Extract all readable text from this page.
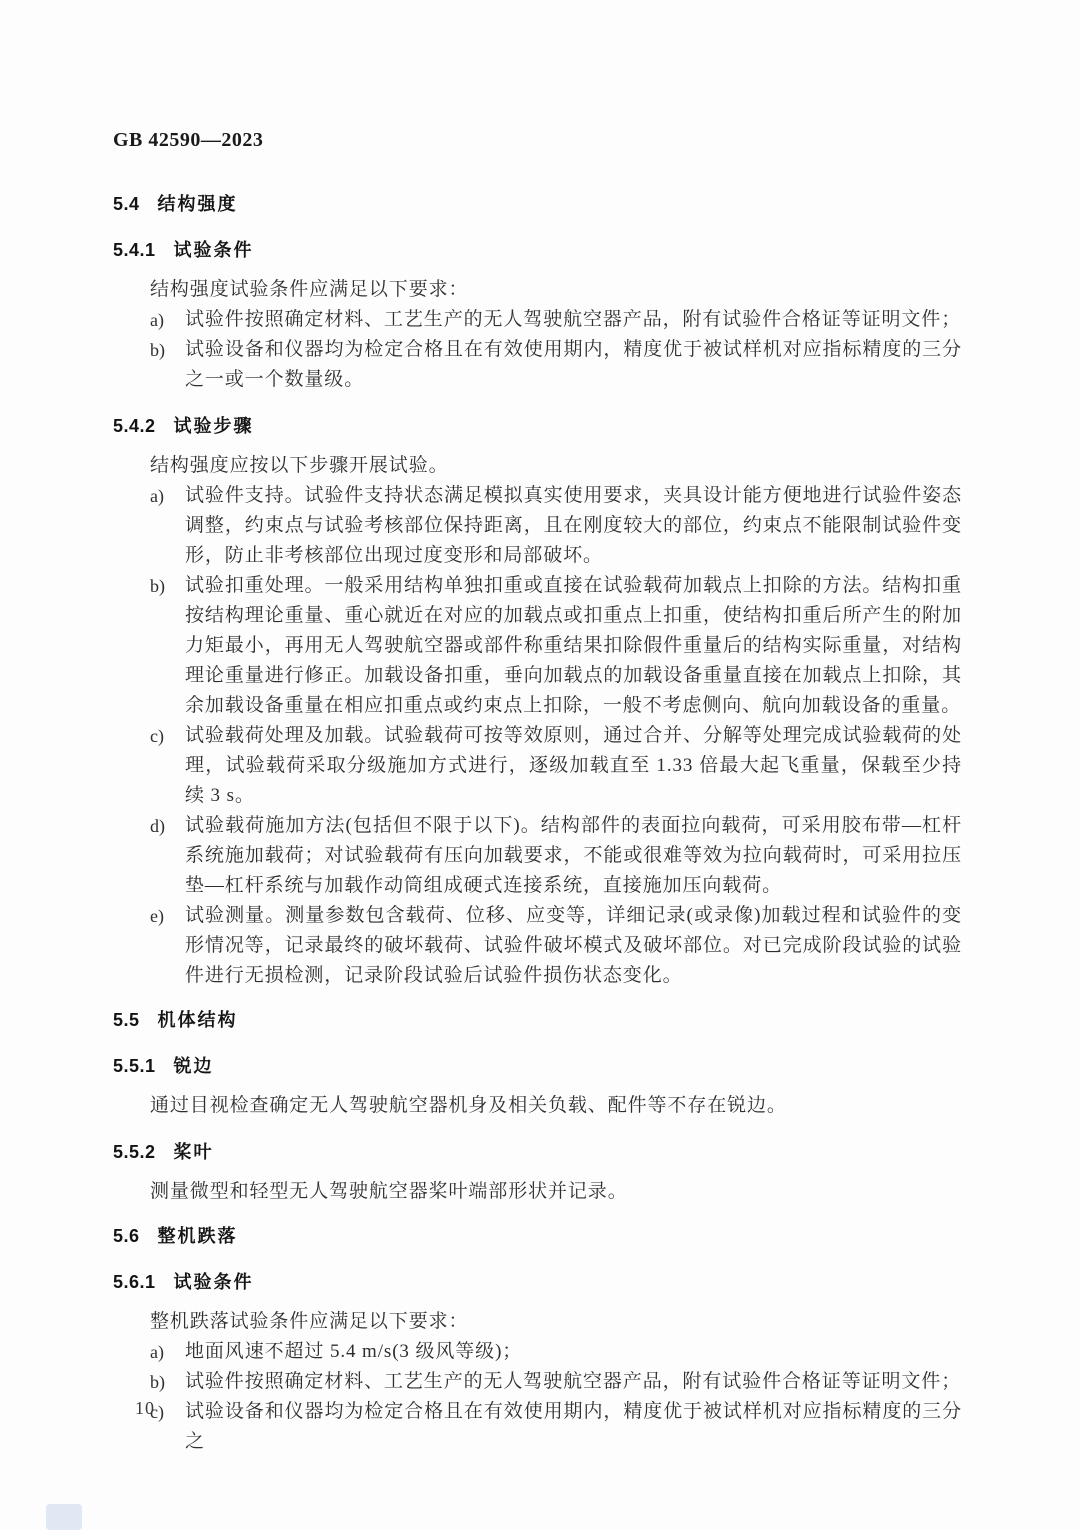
GB 42590—2023
5.4 结构强度
5.4.1 试验条件

结构强度试验条件应满足以下要求：

a) 试验件按照确定材料、工艺生产的无人驾驶航空器产品，附有试验件合格证等证明文件；
b) 试验设备和仪器均为检定合格且在有效使用期内，精度优于被试样机对应指标精度的三分之一或一个数量级。
5.4.2 试验步骤

结构强度应按以下步骤开展试验。

a) 试验件支持。试验件支持状态满足模拟真实使用要求，夹具设计能方便地进行试验件姿态调整，约束点与试验考核部位保持距离，且在刚度较大的部位，约束点不能限制试验件变形，防止非考核部位出现过度变形和局部破坏。
b) 试验扣重处理。一般采用结构单独扣重或直接在试验载荷加载点上扣除的方法。结构扣重按结构理论重量、重心就近在对应的加载点或扣重点上扣重，使结构扣重后所产生的附加力矩最小，再用无人驾驶航空器或部件称重结果扣除假件重量后的结构实际重量，对结构理论重量进行修正。加载设备扣重，垂向加载点的加载设备重量直接在加载点上扣除，其余加载设备重量在相应扣重点或约束点上扣除，一般不考虑侧向、航向加载设备的重量。
c) 试验载荷处理及加载。试验载荷可按等效原则，通过合并、分解等处理完成试验载荷的处理，试验载荷采取分级施加方式进行，逐级加载直至 1.33 倍最大起飞重量，保载至少持续 3 s。
d) 试验载荷施加方法(包括但不限于以下)。结构部件的表面拉向载荷，可采用胶布带—杠杆系统施加载荷；对试验载荷有压向加载要求，不能或很难等效为拉向载荷时，可采用拉压垫—杠杆系统与加载作动筒组成硬式连接系统，直接施加压向载荷。
e) 试验测量。测量参数包含载荷、位移、应变等，详细记录(或录像)加载过程和试验件的变形情况等，记录最终的破坏载荷、试验件破坏模式及破坏部位。对已完成阶段试验的试验件进行无损检测，记录阶段试验后试验件损伤状态变化。
5.5 机体结构
5.5.1 锐边

通过目视检查确定无人驾驶航空器机身及相关负载、配件等不存在锐边。

5.5.2 桨叶

测量微型和轻型无人驾驶航空器桨叶端部形状并记录。

5.6 整机跌落
5.6.1 试验条件

整机跌落试验条件应满足以下要求：

a) 地面风速不超过 5.4 m/s(3 级风等级)；
b) 试验件按照确定材料、工艺生产的无人驾驶航空器产品，附有试验件合格证等证明文件；
c) 试验设备和仪器均为检定合格且在有效使用期内，精度优于被试样机对应指标精度的三分之
10
